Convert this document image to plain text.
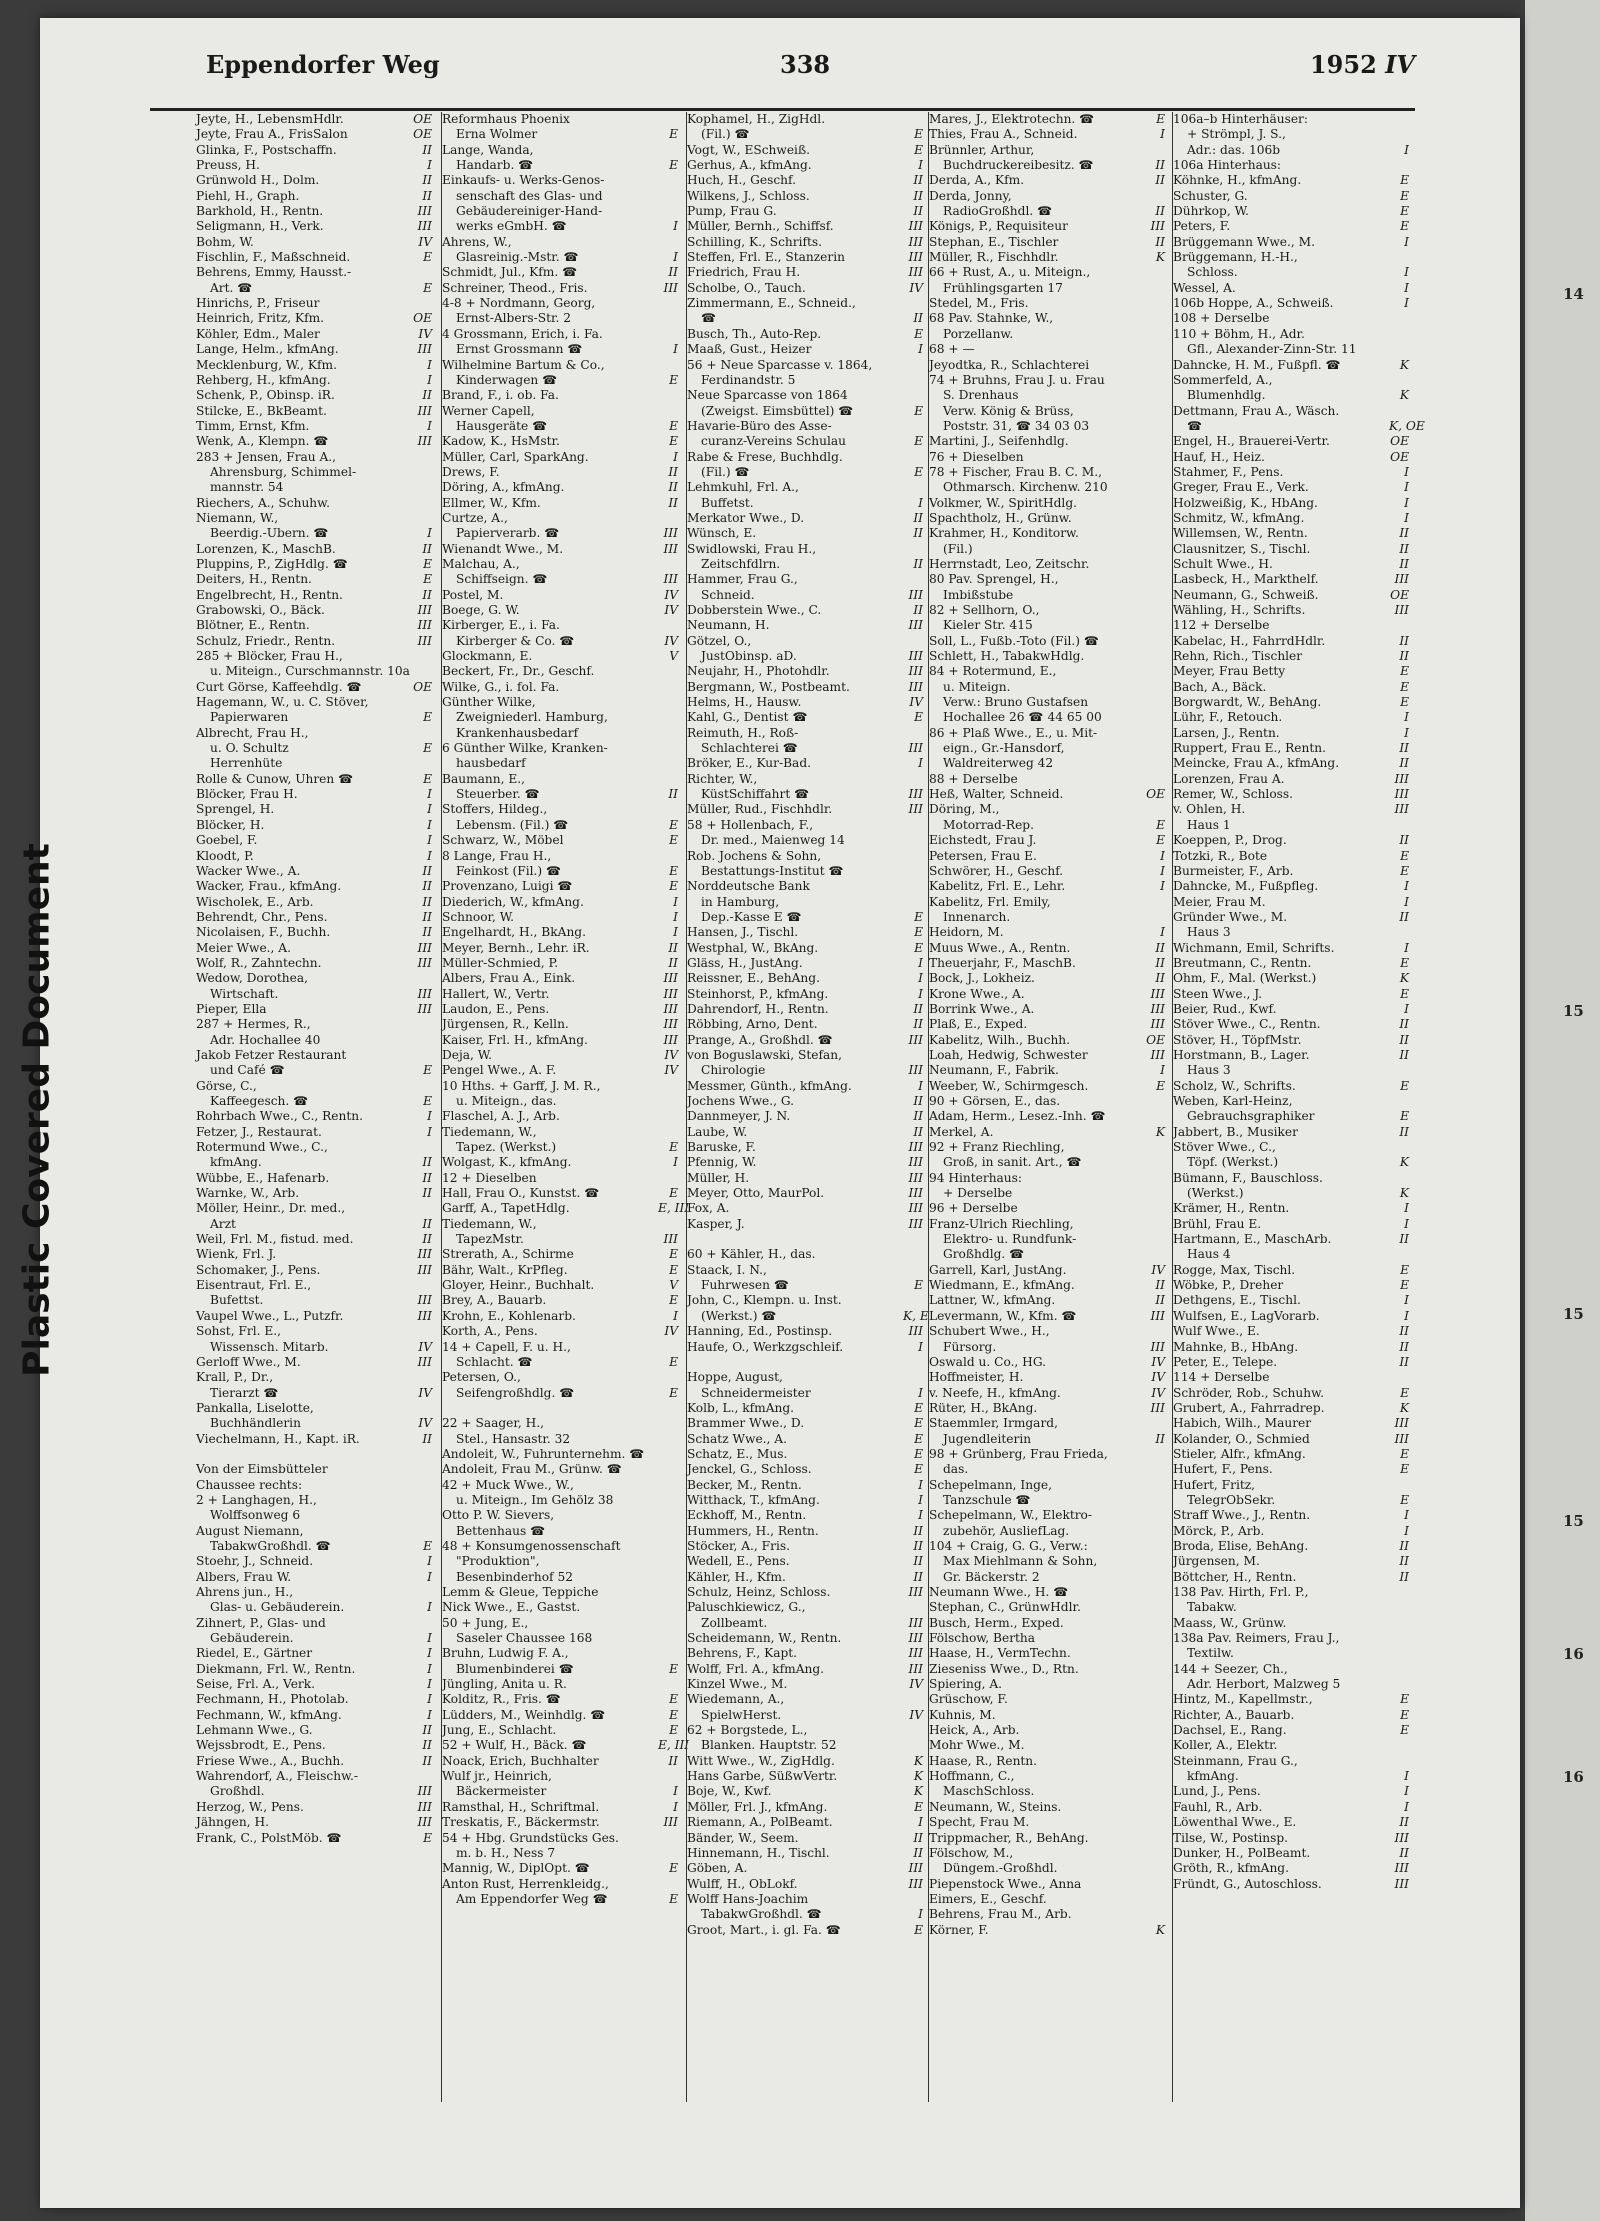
14
15
15
15
16
16
Plastic Covered Document
Eppendorfer Weg	338	1952 IV
Jeyte, H., LebensmHdlr.	OE
Jeyte, Frau A., FrisSalon	OE
Glinka, F., Postschaffn.	II
Preuss, H.	I
Grünwold H., Dolm.	II
Piehl, H., Graph.	II
Barkhold, H., Rentn.	III
Seligmann, H., Verk.	III
Bohm, W.	IV
Fischlin, F., Maßschneid.	E
Behrens, Emmy, Hausst.-
Art. ☎	E
Hinrichs, P., Friseur
Heinrich, Fritz, Kfm.	OE
Köhler, Edm., Maler	IV
Lange, Helm., kfmAng.	III
Mecklenburg, W., Kfm.	I
Rehberg, H., kfmAng.	I
Schenk, P., Obinsp. iR.	II
Stilcke, E., BkBeamt.	III
Timm, Ernst, Kfm.	I
Wenk, A., Klempn. ☎	III
283 + Jensen, Frau A.,
Ahrensburg, Schimmel-
mannstr. 54
Riechers, A., Schuhw.
Niemann, W.,
Beerdig.-Ubern. ☎	I
Lorenzen, K., MaschB.	II
Pluppins, P., ZigHdlg. ☎	E
Deiters, H., Rentn.	E
Engelbrecht, H., Rentn.	II
Grabowski, O., Bäck.	III
Blötner, E., Rentn.	III
Schulz, Friedr., Rentn.	III
285 + Blöcker, Frau H.,
u. Miteign., Curschmannstr. 10a
Curt Görse, Kaffeehdlg. ☎	OE
Hagemann, W., u. C. Stöver,
Papierwaren	E
Albrecht, Frau H.,
u. O. Schultz	E
Herrenhüte
Rolle & Cunow, Uhren ☎	E
Blöcker, Frau H.	I
Sprengel, H.	I
Blöcker, H.	I
Goebel, F.	I
Kloodt, P.	I
Wacker Wwe., A.	II
Wacker, Frau., kfmAng.	II
Wischolek, E., Arb.	II
Behrendt, Chr., Pens.	II
Nicolaisen, F., Buchh.	II
Meier Wwe., A.	III
Wolf, R., Zahntechn.	III
Wedow, Dorothea,
Wirtschaft.	III
Pieper, Ella	III
287 + Hermes, R.,
Adr. Hochallee 40
Jakob Fetzer Restaurant
und Café ☎	E
Görse, C.,
Kaffeegesch. ☎	E
Rohrbach Wwe., C., Rentn.	I
Fetzer, J., Restaurat.	I
Rotermund Wwe., C.,
kfmAng.	II
Wübbe, E., Hafenarb.	II
Warnke, W., Arb.	II
Möller, Heinr., Dr. med.,
Arzt	II
Weil, Frl. M., fistud. med.	II
Wienk, Frl. J.	III
Schomaker, J., Pens.	III
Eisentraut, Frl. E.,
Bufettst.	III
Vaupel Wwe., L., Putzfr.	III
Sohst, Frl. E.,
Wissensch. Mitarb.	IV
Gerloff Wwe., M.	III
Krall, P., Dr.,
Tierarzt ☎	IV
Pankalla, Liselotte,
Buchhändlerin	IV
Viechelmann, H., Kapt. iR.	II
Von der Eimsbütteler
Chaussee rechts:
2 + Langhagen, H.,
Wolffsonweg 6
August Niemann,
TabakwGroßhdl. ☎	E
Stoehr, J., Schneid.	I
Albers, Frau W.	I
Ahrens jun., H.,
Glas- u. Gebäuderein.	I
Zihnert, P., Glas- und
Gebäuderein.	I
Riedel, E., Gärtner	I
Diekmann, Frl. W., Rentn.	I
Seise, Frl. A., Verk.	I
Fechmann, H., Photolab.	I
Fechmann, W., kfmAng.	I
Lehmann Wwe., G.	II
Wejssbrodt, E., Pens.	II
Friese Wwe., A., Buchh.	II
Wahrendorf, A., Fleischw.-
Großhdl.	III
Herzog, W., Pens.	III
Jähngen, H.	III
Frank, C., PolstMöb. ☎	E
Reformhaus Phoenix
Erna Wolmer	E
Lange, Wanda,
Handarb. ☎	E
Einkaufs- u. Werks-Genos-
senschaft des Glas- und
Gebäudereiniger-Hand-
werks eGmbH. ☎	I
Ahrens, W.,
Glasreinig.-Mstr. ☎	I
Schmidt, Jul., Kfm. ☎	II
Schreiner, Theod., Fris.	III
4-8 + Nordmann, Georg,
Ernst-Albers-Str. 2
4 Grossmann, Erich, i. Fa.
Ernst Grossmann ☎	I
Wilhelmine Bartum & Co.,
Kinderwagen ☎	E
Brand, F., i. ob. Fa.
Werner Capell,
Hausgeräte ☎	E
Kadow, K., HsMstr.	E
Müller, Carl, SparkAng.	I
Drews, F.	II
Döring, A., kfmAng.	II
Ellmer, W., Kfm.	II
Curtze, A.,
Papierverarb. ☎	III
Wienandt Wwe., M.	III
Malchau, A.,
Schiffseign. ☎	III
Postel, M.	IV
Boege, G. W.	IV
Kirberger, E., i. Fa.
Kirberger & Co. ☎	IV
Glockmann, E.	V
Beckert, Fr., Dr., Geschf.
Wilke, G., i. fol. Fa.
Günther Wilke,
Zweigniederl. Hamburg,
Krankenhausbedarf
6 Günther Wilke, Kranken-
hausbedarf
Baumann, E.,
Steuerber. ☎	II
Stoffers, Hildeg.,
Lebensm. (Fil.) ☎	E
Schwarz, W., Möbel	E
8 Lange, Frau H.,
Feinkost (Fil.) ☎	E
Provenzano, Luigi ☎	E
Diederich, W., kfmAng.	I
Schnoor, W.	I
Engelhardt, H., BkAng.	I
Meyer, Bernh., Lehr. iR.	II
Müller-Schmied, P.	II
Albers, Frau A., Eink.	III
Hallert, W., Vertr.	III
Laudon, E., Pens.	III
Jürgensen, R., Kelln.	III
Kaiser, Frl. H., kfmAng.	III
Deja, W.	IV
Pengel Wwe., A. F.	IV
10 Hths. + Garff, J. M. R.,
u. Miteign., das.
Flaschel, A. J., Arb.
Tiedemann, W.,
Tapez. (Werkst.)	E
Wolgast, K., kfmAng.	I
12 + Dieselben
Hall, Frau O., Kunstst. ☎	E
Garff, A., TapetHdlg.	E, III
Tiedemann, W.,
TapezMstr.	III
Strerath, A., Schirme	E
Bähr, Walt., KrPfleg.	E
Gloyer, Heinr., Buchhalt.	V
Brey, A., Bauarb.	E
Krohn, E., Kohlenarb.	I
Korth, A., Pens.	IV
14 + Capell, F. u. H.,
Schlacht. ☎	E
Petersen, O.,
Seifengroßhdlg. ☎	E
22 + Saager, H.,
Stel., Hansastr. 32
Andoleit, W., Fuhrunternehm. ☎
Andoleit, Frau M., Grünw. ☎
42 + Muck Wwe., W.,
u. Miteign., Im Gehölz 38
Otto P. W. Sievers,
Bettenhaus ☎
48 + Konsumgenossenschaft
"Produktion",
Besenbinderhof 52
Lemm & Gleue, Teppiche
Nick Wwe., E., Gastst.
50 + Jung, E.,
Saseler Chaussee 168
Bruhn, Ludwig F. A.,
Blumenbinderei ☎	E
Jüngling, Anita u. R.
Kolditz, R., Fris. ☎	E
Lüdders, M., Weinhdlg. ☎	E
Jung, E., Schlacht.	E
52 + Wulf, H., Bäck. ☎	E, III
Noack, Erich, Buchhalter	II
Wulf jr., Heinrich,
Bäckermeister	I
Ramsthal, H., Schriftmal.	I
Treskatis, F., Bäckermstr.	III
54 + Hbg. Grundstücks Ges.
m. b. H., Ness 7
Mannig, W., DiplOpt. ☎	E
Anton Rust, Herrenkleidg.,
Am Eppendorfer Weg ☎	E
Kophamel, H., ZigHdl.
(Fil.) ☎	E
Vogt, W., ESchweiß.	E
Gerhus, A., kfmAng.	I
Huch, H., Geschf.	II
Wilkens, J., Schloss.	II
Pump, Frau G.	II
Müller, Bernh., Schiffsf.	III
Schilling, K., Schrifts.	III
Steffen, Frl. E., Stanzerin	III
Friedrich, Frau H.	III
Scholbe, O., Tauch.	IV
Zimmermann, E., Schneid.,
☎	II
Busch, Th., Auto-Rep.	E
Maaß, Gust., Heizer	I
56 + Neue Sparcasse v. 1864,
Ferdinandstr. 5
Neue Sparcasse von 1864
(Zweigst. Eimsbüttel) ☎	E
Havarie-Büro des Asse-
curanz-Vereins Schulau	E
Rabe & Frese, Buchhdlg.
(Fil.) ☎	E
Lehmkuhl, Frl. A.,
Buffetst.	I
Merkator Wwe., D.	II
Wünsch, E.	II
Swidlowski, Frau H.,
Zeitschfdlrn.	II
Hammer, Frau G.,
Schneid.	III
Dobberstein Wwe., C.	II
Neumann, H.	III
Götzel, O.,
JustObinsp. aD.	III
Neujahr, H., Photohdlr.	III
Bergmann, W., Postbeamt.	III
Helms, H., Hausw.	IV
Kahl, G., Dentist ☎	E
Reimuth, H., Roß-
Schlachterei ☎	III
Bröker, E., Kur-Bad.	I
Richter, W.,
KüstSchiffahrt ☎	III
Müller, Rud., Fischhdlr.	III
58 + Hollenbach, F.,
Dr. med., Maienweg 14
Rob. Jochens & Sohn,
Bestattungs-Institut ☎
Norddeutsche Bank
in Hamburg,
Dep.-Kasse E ☎	E
Hansen, J., Tischl.	E
Westphal, W., BkAng.	E
Gläss, H., JustAng.	I
Reissner, E., BehAng.	I
Steinhorst, P., kfmAng.	I
Dahrendorf, H., Rentn.	II
Röbbing, Arno, Dent.	II
Prange, A., Großhdl. ☎	III
von Boguslawski, Stefan,
Chirologie	III
Messmer, Günth., kfmAng.	I
Jochens Wwe., G.	II
Dannmeyer, J. N.	II
Laube, W.	II
Baruske, F.	III
Pfennig, W.	III
Müller, H.	III
Meyer, Otto, MaurPol.	III
Fox, A.	III
Kasper, J.	III
60 + Kähler, H., das.
Staack, I. N.,
Fuhrwesen ☎	E
John, C., Klempn. u. Inst.
(Werkst.) ☎	K, E
Hanning, Ed., Postinsp.	III
Haufe, O., Werkzgschleif.	I
Hoppe, August,
Schneidermeister	I
Kolb, L., kfmAng.	E
Brammer Wwe., D.	E
Schatz Wwe., A.	E
Schatz, E., Mus.	E
Jenckel, G., Schloss.	E
Becker, M., Rentn.	I
Witthack, T., kfmAng.	I
Eckhoff, M., Rentn.	I
Hummers, H., Rentn.	II
Stöcker, A., Fris.	II
Wedell, E., Pens.	II
Kähler, H., Kfm.	II
Schulz, Heinz, Schloss.	III
Paluschkiewicz, G.,
Zollbeamt.	III
Scheidemann, W., Rentn.	III
Behrens, F., Kapt.	III
Wolff, Frl. A., kfmAng.	III
Kinzel Wwe., M.	IV
Wiedemann, A.,
SpielwHerst.	IV
62 + Borgstede, L.,
Blanken. Hauptstr. 52
Witt Wwe., W., ZigHdlg.	K
Hans Garbe, SüßwVertr.	K
Boje, W., Kwf.	K
Möller, Frl. J., kfmAng.	E
Riemann, A., PolBeamt.	I
Bänder, W., Seem.	II
Hinnemann, H., Tischl.	II
Göben, A.	III
Wulff, H., ObLokf.	III
Wolff Hans-Joachim
TabakwGroßhdl. ☎	I
Groot, Mart., i. gl. Fa. ☎	E
Mares, J., Elektrotechn. ☎	E
Thies, Frau A., Schneid.	I
Brünnler, Arthur,
Buchdruckereibesitz. ☎	II
Derda, A., Kfm.	II
Derda, Jonny,
RadioGroßhdl. ☎	II
Königs, P., Requisiteur	III
Stephan, E., Tischler	II
Müller, R., Fischhdlr.	K
66 + Rust, A., u. Miteign.,
Frühlingsgarten 17
Stedel, M., Fris.
68 Pav. Stahnke, W.,
Porzellanw.
68 + —
Jeyodtka, R., Schlachterei
74 + Bruhns, Frau J. u. Frau
S. Drenhaus
Verw. König & Brüss,
Poststr. 31, ☎ 34 03 03
Martini, J., Seifenhdlg.
76 + Dieselben
78 + Fischer, Frau B. C. M.,
Othmarsch. Kirchenw. 210
Volkmer, W., SpiritHdlg.
Spachtholz, H., Grünw.
Krahmer, H., Konditorw.
(Fil.)
Herrnstadt, Leo, Zeitschr.
80 Pav. Sprengel, H.,
Imbißstube
82 + Sellhorn, O.,
Kieler Str. 415
Soll, L., Fußb.-Toto (Fil.) ☎
Schlett, H., TabakwHdlg.
84 + Rotermund, E.,
u. Miteign.
Verw.: Bruno Gustafsen
Hochallee 26 ☎ 44 65 00
86 + Plaß Wwe., E., u. Mit-
eign., Gr.-Hansdorf,
Waldreiterweg 42
88 + Derselbe
Heß, Walter, Schneid.	OE
Döring, M.,
Motorrad-Rep.	E
Eichstedt, Frau J.	E
Petersen, Frau E.	I
Schwörer, H., Geschf.	I
Kabelitz, Frl. E., Lehr.	I
Kabelitz, Frl. Emily,
Innenarch.
Heidorn, M.	I
Muus Wwe., A., Rentn.	II
Theuerjahr, F., MaschB.	II
Bock, J., Lokheiz.	II
Krone Wwe., A.	III
Borrink Wwe., A.	III
Plaß, E., Exped.	III
Kabelitz, Wilh., Buchh.	OE
Loah, Hedwig, Schwester	III
Neumann, F., Fabrik.	I
Weeber, W., Schirmgesch.	E
90 + Görsen, E., das.
Adam, Herm., Lesez.-Inh. ☎
Merkel, A.	K
92 + Franz Riechling,
Groß, in sanit. Art., ☎
94 Hinterhaus:
+ Derselbe
96 + Derselbe
Franz-Ulrich Riechling,
Elektro- u. Rundfunk-
Großhdlg. ☎
Garrell, Karl, JustAng.	IV
Wiedmann, E., kfmAng.	II
Lattner, W., kfmAng.	II
Levermann, W., Kfm. ☎	III
Schubert Wwe., H.,
Fürsorg.	III
Oswald u. Co., HG.	IV
Hoffmeister, H.	IV
v. Neefe, H., kfmAng.	IV
Rüter, H., BkAng.	III
Staemmler, Irmgard,
Jugendleiterin	II
98 + Grünberg, Frau Frieda,
das.
Schepelmann, Inge,
Tanzschule ☎
Schepelmann, W., Elektro-
zubehör, AusliefLag.
104 + Craig, G. G., Verw.:
Max Miehlmann & Sohn,
Gr. Bäckerstr. 2
Neumann Wwe., H. ☎
Stephan, C., GrünwHdlr.
Busch, Herm., Exped.
Fölschow, Bertha
Haase, H., VermTechn.
Zieseniss Wwe., D., Rtn.
Spiering, A.
Grüschow, F.
Kuhnis, M.
Heick, A., Arb.
Mohr Wwe., M.
Haase, R., Rentn.
Hoffmann, C.,
MaschSchloss.
Neumann, W., Steins.
Specht, Frau M.
Trippmacher, R., BehAng.
Fölschow, M.,
Düngem.-Großhdl.
Piepenstock Wwe., Anna
Eimers, E., Geschf.
Behrens, Frau M., Arb.
Körner, F.	K
106a–b Hinterhäuser:
+ Strömpl, J. S.,
Adr.: das. 106b	I
106a Hinterhaus:
Köhnke, H., kfmAng.	E
Schuster, G.	E
Dührkop, W.	E
Peters, F.	E
Brüggemann Wwe., M.	I
Brüggemann, H.-H.,
Schloss.	I
Wessel, A.	I
106b Hoppe, A., Schweiß.	I
108 + Derselbe
110 + Böhm, H., Adr.
Gfl., Alexander-Zinn-Str. 11
Dahncke, H. M., Fußpfl. ☎	K
Sommerfeld, A.,
Blumenhdlg.	K
Dettmann, Frau A., Wäsch.
☎	K, OE
Engel, H., Brauerei-Vertr.	OE
Hauf, H., Heiz.	OE
Stahmer, F., Pens.	I
Greger, Frau E., Verk.	I
Holzweißig, K., HbAng.	I
Schmitz, W., kfmAng.	I
Willemsen, W., Rentn.	II
Clausnitzer, S., Tischl.	II
Schult Wwe., H.	II
Lasbeck, H., Markthelf.	III
Neumann, G., Schweiß.	OE
Wähling, H., Schrifts.	III
112 + Derselbe
Kabelac, H., FahrrdHdlr.	II
Rehn, Rich., Tischler	II
Meyer, Frau Betty	E
Bach, A., Bäck.	E
Borgwardt, W., BehAng.	E
Lühr, F., Retouch.	I
Larsen, J., Rentn.	I
Ruppert, Frau E., Rentn.	II
Meincke, Frau A., kfmAng.	II
Lorenzen, Frau A.	III
Remer, W., Schloss.	III
v. Ohlen, H.	III
Haus 1
Koeppen, P., Drog.	II
Totzki, R., Bote	E
Burmeister, F., Arb.	E
Dahncke, M., Fußpfleg.	I
Meier, Frau M.	I
Gründer Wwe., M.	II
Haus 3
Wichmann, Emil, Schrifts.	I
Breutmann, C., Rentn.	E
Ohm, F., Mal. (Werkst.)	K
Steen Wwe., J.	E
Beier, Rud., Kwf.	I
Stöver Wwe., C., Rentn.	II
Stöver, H., TöpfMstr.	II
Horstmann, B., Lager.	II
Haus 3
Scholz, W., Schrifts.	E
Weben, Karl-Heinz,
Gebrauchsgraphiker	E
Jabbert, B., Musiker	II
Stöver Wwe., C.,
Töpf. (Werkst.)	K
Bümann, F., Bauschloss.
(Werkst.)	K
Krämer, H., Rentn.	I
Brühl, Frau E.	I
Hartmann, E., MaschArb.	II
Haus 4
Rogge, Max, Tischl.	E
Wöbke, P., Dreher	E
Dethgens, E., Tischl.	I
Wulfsen, E., LagVorarb.	I
Wulf Wwe., E.	II
Mahnke, B., HbAng.	II
Peter, E., Telepe.	II
114 + Derselbe
Schröder, Rob., Schuhw.	E
Grubert, A., Fahrradrep.	K
Habich, Wilh., Maurer	III
Kolander, O., Schmied	III
Stieler, Alfr., kfmAng.	E
Hufert, F., Pens.	E
Hufert, Fritz,
TelegrObSekr.	E
Straff Wwe., J., Rentn.	I
Mörck, P., Arb.	I
Broda, Elise, BehAng.	II
Jürgensen, M.	II
Böttcher, H., Rentn.	II
138 Pav. Hirth, Frl. P.,
Tabakw.
Maass, W., Grünw.
138a Pav. Reimers, Frau J.,
Textilw.
144 + Seezer, Ch.,
Adr. Herbort, Malzweg 5
Hintz, M., Kapellmstr.,	E
Richter, A., Bauarb.	E
Dachsel, E., Rang.	E
Koller, A., Elektr.
Steinmann, Frau G.,
kfmAng.	I
Lund, J., Pens.	I
Fauhl, R., Arb.	I
Löwenthal Wwe., E.	II
Tilse, W., Postinsp.	III
Dunker, H., PolBeamt.	II
Gröth, R., kfmAng.	III
Fründt, G., Autoschloss.	III
